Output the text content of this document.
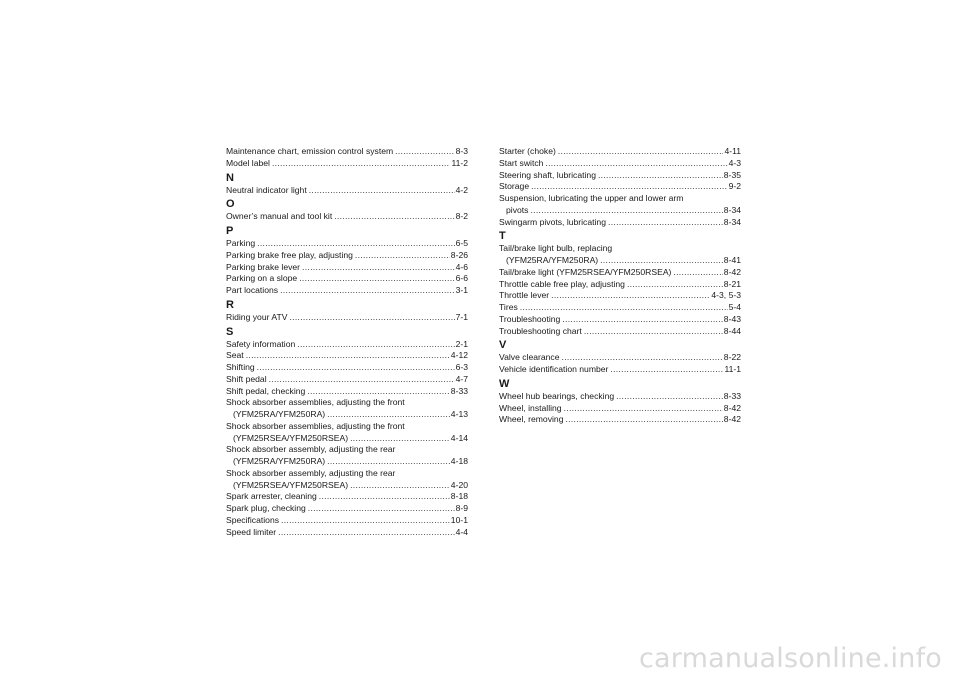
Maintenance chart, emission control system .....	8-3
Model label .....	11-2
N
Neutral indicator light .....	4-2
O
Owner’s manual and tool kit .....	8-2
P
Parking .....	6-5
Parking brake free play, adjusting .....	8-26
Parking brake lever .....	4-6
Parking on a slope .....	6-6
Part locations .....	3-1
R
Riding your ATV .....	7-1
S
Safety information .....	2-1
Seat .....	4-12
Shifting .....	6-3
Shift pedal .....	4-7
Shift pedal, checking .....	8-33
Shock absorber assemblies, adjusting the front
(YFM25RA/YFM250RA) .....	4-13
Shock absorber assemblies, adjusting the front
(YFM25RSEA/YFM250RSEA) .....	4-14
Shock absorber assembly, adjusting the rear
(YFM25RA/YFM250RA) .....	4-18
Shock absorber assembly, adjusting the rear
(YFM25RSEA/YFM250RSEA) .....	4-20
Spark arrester, cleaning .....	8-18
Spark plug, checking .....	8-9
Specifications .....	10-1
Speed limiter .....	4-4
Starter (choke) .....	4-11
Start switch .....	4-3
Steering shaft, lubricating .....	8-35
Storage .....	9-2
Suspension, lubricating the upper and lower arm
pivots .....	8-34
Swingarm pivots, lubricating .....	8-34
T
Tail/brake light bulb, replacing
(YFM25RA/YFM250RA) .....	8-41
Tail/brake light (YFM25RSEA/YFM250RSEA) .....	8-42
Throttle cable free play, adjusting .....	8-21
Throttle lever .....	4-3, 5-3
Tires .....	5-4
Troubleshooting .....	8-43
Troubleshooting chart .....	8-44
V
Valve clearance .....	8-22
Vehicle identification number .....	11-1
W
Wheel hub bearings, checking .....	8-33
Wheel, installing .....	8-42
Wheel, removing .....	8-42
carmanualsonline.info
